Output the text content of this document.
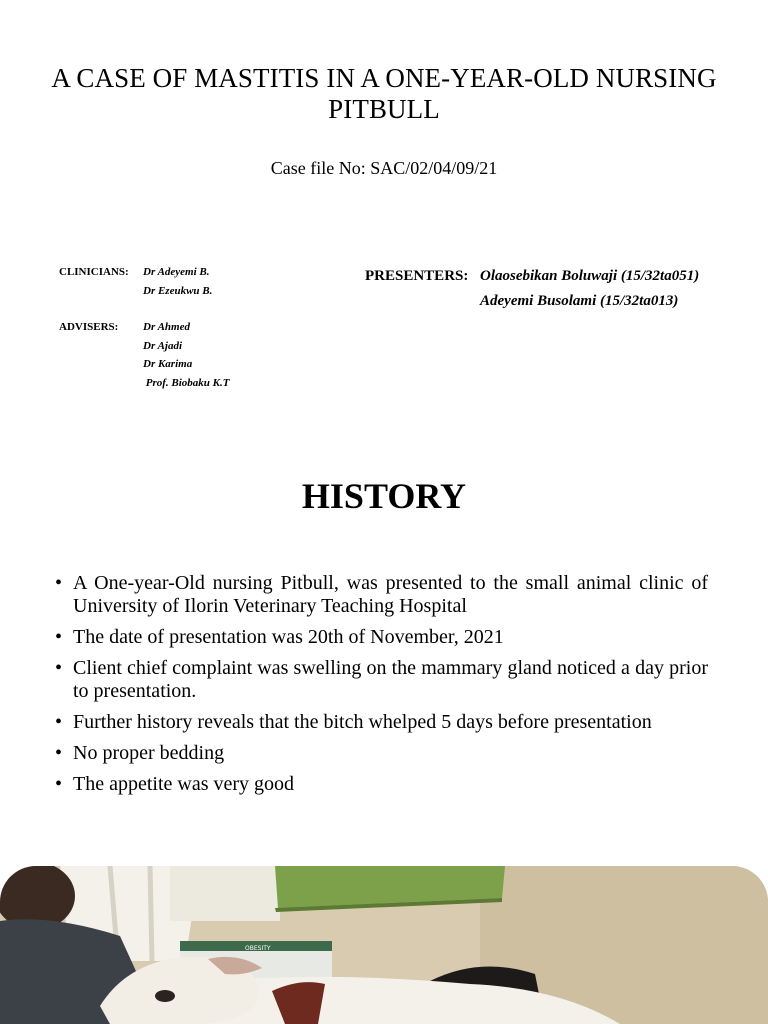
A CASE OF MASTITIS IN A ONE-YEAR-OLD NURSING PITBULL
Case file No: SAC/02/04/09/21
CLINICIANS: Dr Adeyemi B.
Dr Ezeukwu B.
ADVISERS: Dr Ahmed
Dr Ajadi
Dr Karima
Prof. Biobaku K.T
PRESENTERS: Olaosebikan Boluwaji (15/32ta051)
Adeyemi Busolami (15/32ta013)
HISTORY
• A One-year-Old nursing Pitbull, was presented to the small animal clinic of University of Ilorin Veterinary Teaching Hospital
• The date of presentation was 20th of November, 2021
• Client chief complaint was swelling on the mammary gland noticed a day prior to presentation.
• Further history reveals that the bitch whelped 5 days before presentation
• No proper bedding
• The appetite was very good
OBESITY
